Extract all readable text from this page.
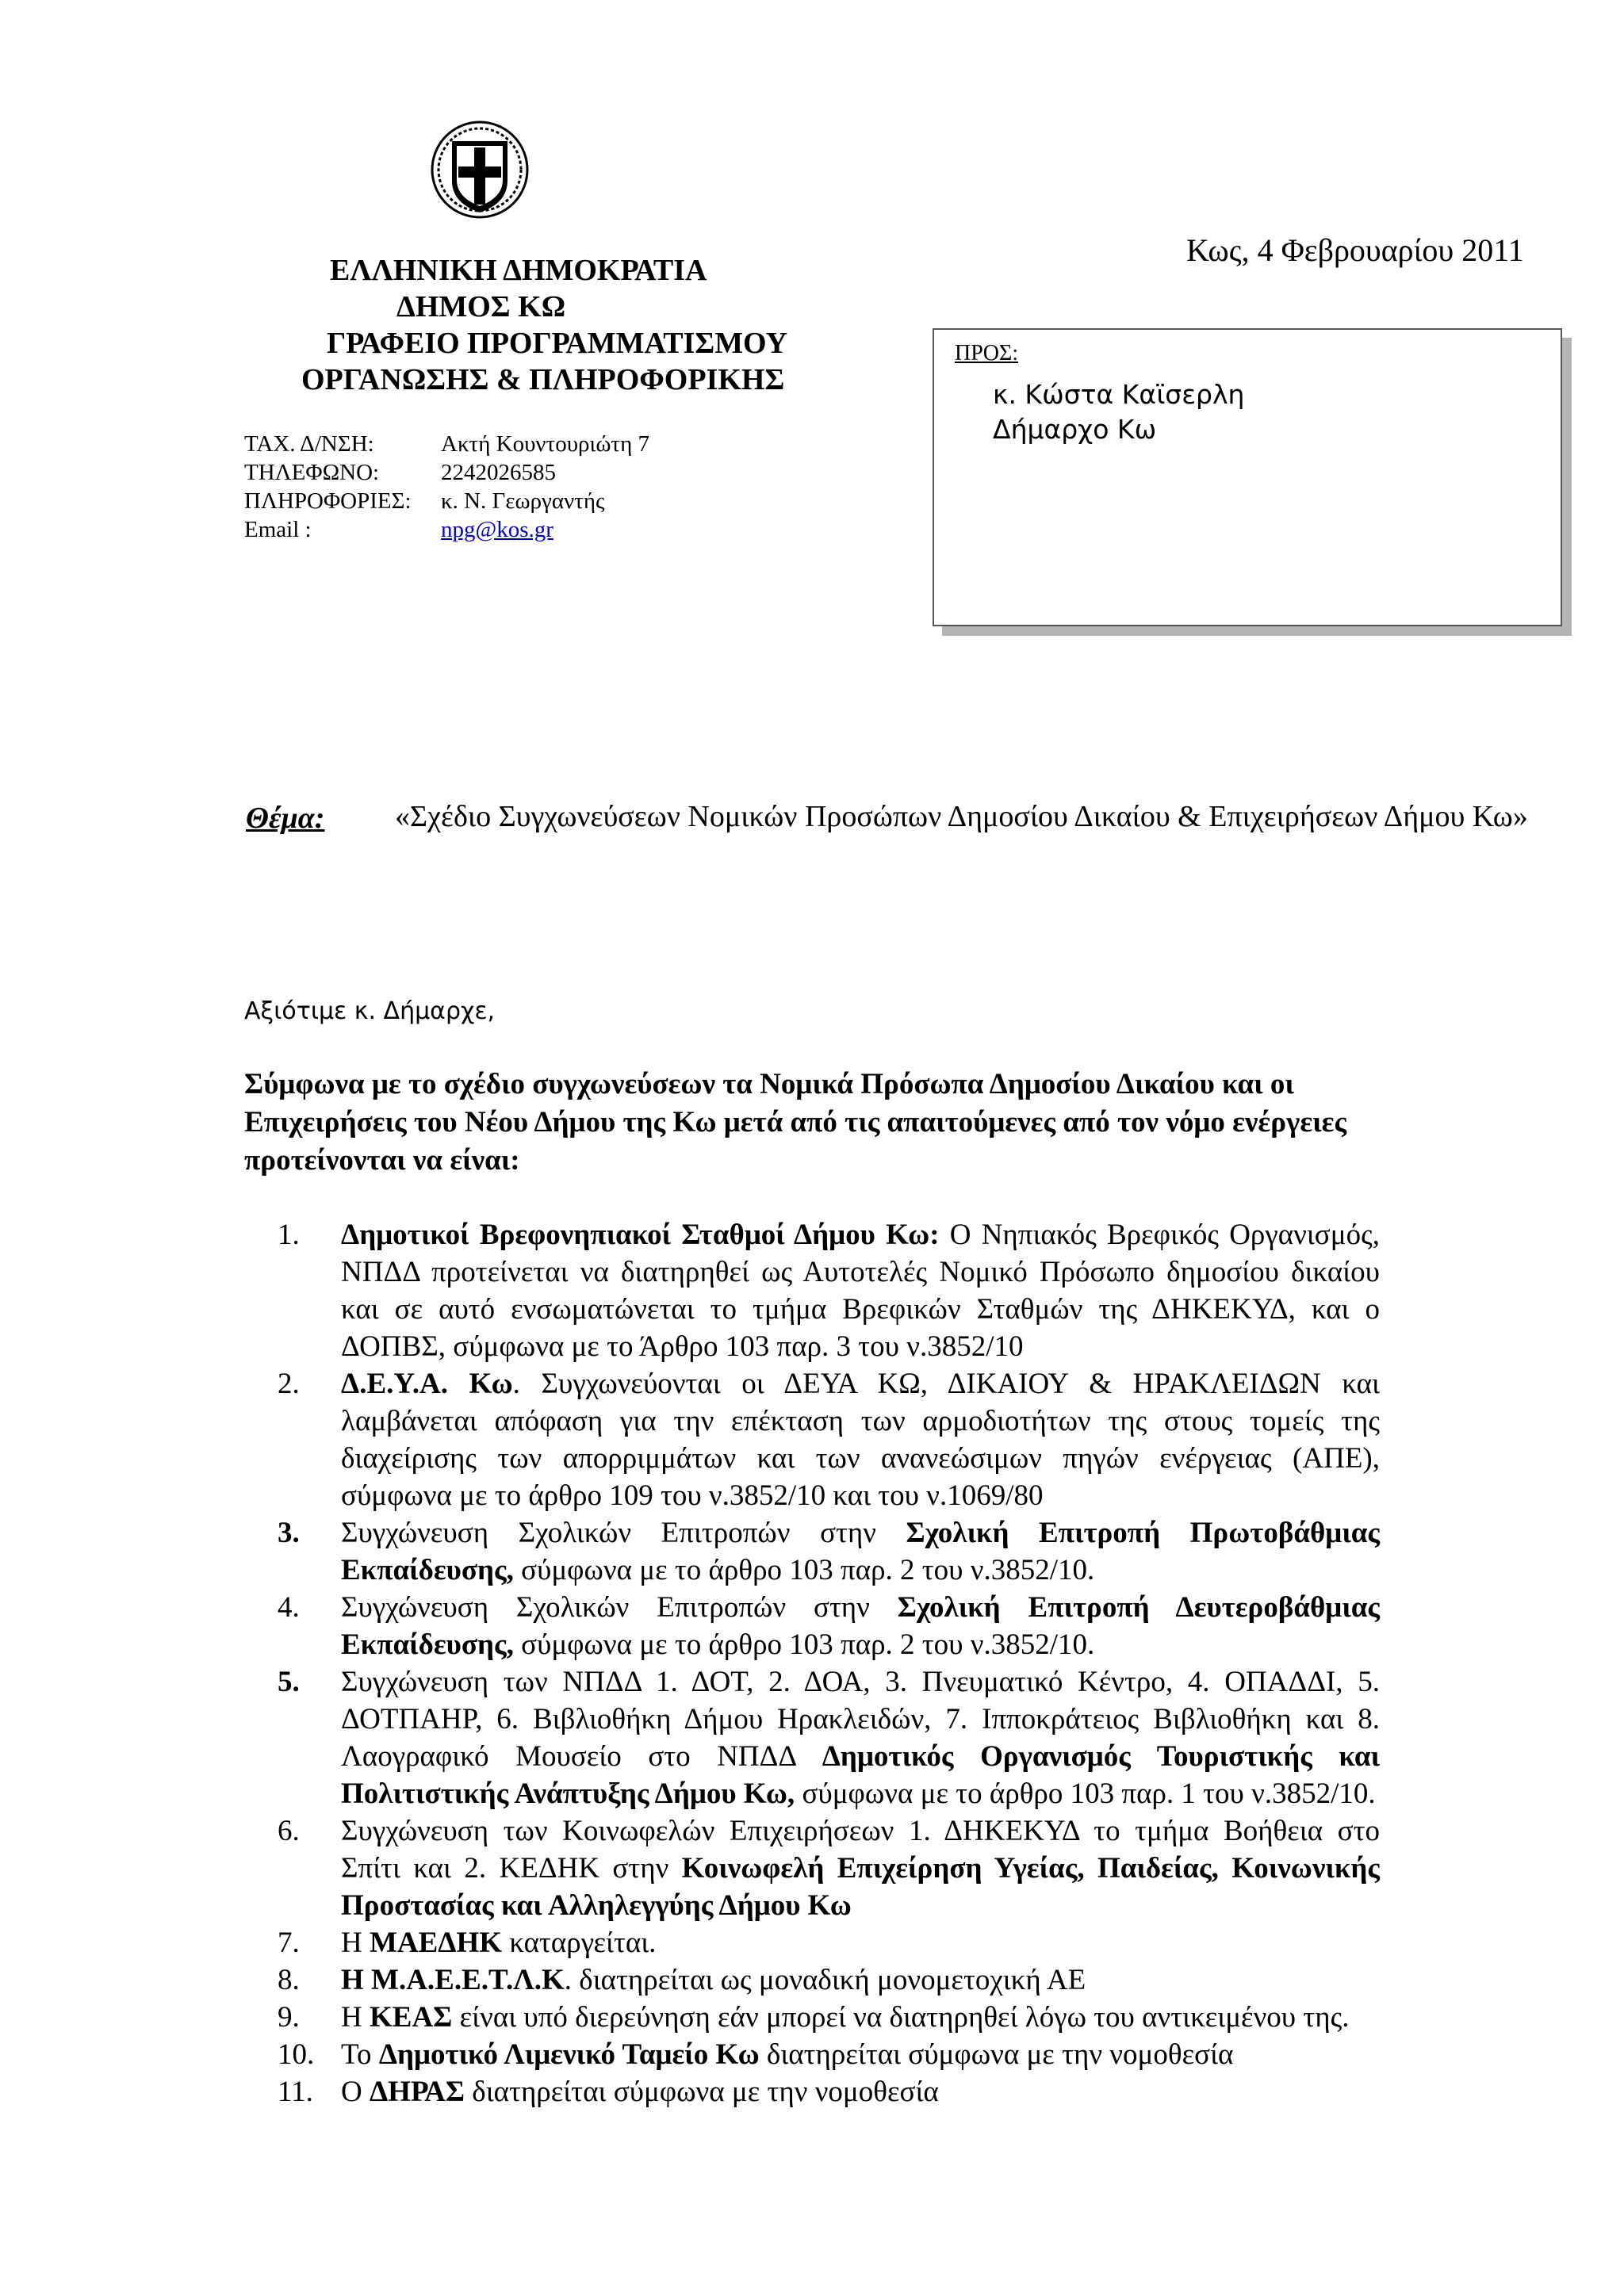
ΕΛΛΗΝΙΚΗ ΔΗΜΟΚΡΑΤΙΑ
ΔΗΜΟΣ ΚΩ
ΓΡΑΦΕΙΟ ΠΡΟΓΡΑΜΜΑΤΙΣΜΟΥ
ΟΡΓΑΝΩΣΗΣ & ΠΛΗΡΟΦΟΡΙΚΗΣ
Κως, 4 Φεβρουαρίου 2011
ΤΑΧ. Δ/ΝΣΗ:	Ακτή Κουντουριώτη 7
ΤΗΛΕΦΩΝΟ:	2242026585
ΠΛΗΡΟΦΟΡΙΕΣ:	κ. Ν. Γεωργαντής
Email :	npg@kos.gr
ΠΡΟΣ:
κ. Κώστα Καϊσερλη
Δήμαρχο Κω
Θέμα: «Σχέδιο Συγχωνεύσεων Νομικών Προσώπων Δημοσίου Δικαίου & Επιχειρήσεων Δήμου Κω»
Αξιότιμε κ. Δήμαρχε,
Σύμφωνα με το σχέδιο συγχωνεύσεων τα Νομικά Πρόσωπα Δημοσίου Δικαίου και οι Επιχειρήσεις του Νέου Δήμου της Κω μετά από τις απαιτούμενες από τον νόμο ενέργειες προτείνονται να είναι:
1.	Δημοτικοί Βρεφονηπιακοί Σταθμοί Δήμου Κω: Ο Νηπιακός Βρεφικός Οργανισμός, ΝΠΔΔ προτείνεται να διατηρηθεί ως Αυτοτελές Νομικό Πρόσωπο δημοσίου δικαίου και σε αυτό ενσωματώνεται το τμήμα Βρεφικών Σταθμών της ΔΗΚΕΚΥΔ, και ο ΔΟΠΒΣ, σύμφωνα με το Άρθρο 103 παρ. 3 του ν.3852/10
2.	Δ.Ε.Υ.Α. Κω. Συγχωνεύονται οι ΔΕΥΑ ΚΩ, ΔΙΚΑΙΟΥ & ΗΡΑΚΛΕΙΔΩΝ και λαμβάνεται απόφαση για την επέκταση των αρμοδιοτήτων της στους τομείς της διαχείρισης των απορριμμάτων και των ανανεώσιμων πηγών ενέργειας (ΑΠΕ), σύμφωνα με το άρθρο 109 του ν.3852/10 και του ν.1069/80
3.	Συγχώνευση Σχολικών Επιτροπών στην Σχολική Επιτροπή Πρωτοβάθμιας Εκπαίδευσης, σύμφωνα με το άρθρο 103 παρ. 2 του ν.3852/10.
4.	Συγχώνευση Σχολικών Επιτροπών στην Σχολική Επιτροπή Δευτεροβάθμιας Εκπαίδευσης, σύμφωνα με το άρθρο 103 παρ. 2 του ν.3852/10.
5.	Συγχώνευση των ΝΠΔΔ 1. ΔΟΤ, 2. ΔΟΑ, 3. Πνευματικό Κέντρο, 4. ΟΠΑΔΔΙ, 5. ΔΟΤΠΑΗΡ, 6. Βιβλιοθήκη Δήμου Ηρακλειδών, 7. Ιπποκράτειος Βιβλιοθήκη και 8. Λαογραφικό Μουσείο στο ΝΠΔΔ Δημοτικός Οργανισμός Τουριστικής και Πολιτιστικής Ανάπτυξης Δήμου Κω, σύμφωνα με το άρθρο 103 παρ. 1 του ν.3852/10.
6.	Συγχώνευση των Κοινωφελών Επιχειρήσεων 1. ΔΗΚΕΚΥΔ το τμήμα Βοήθεια στο Σπίτι και 2. ΚΕΔΗΚ στην Κοινωφελή Επιχείρηση Υγείας, Παιδείας, Κοινωνικής Προστασίας και Αλληλεγγύης Δήμου Κω
7.	Η ΜΑΕΔΗΚ καταργείται.
8.	Η Μ.Α.Ε.Ε.Τ.Λ.Κ. διατηρείται ως μοναδική μονομετοχική ΑΕ
9.	Η ΚΕΑΣ είναι υπό διερεύνηση εάν μπορεί να διατηρηθεί λόγω του αντικειμένου της.
10. Το Δημοτικό Λιμενικό Ταμείο Κω διατηρείται σύμφωνα με την νομοθεσία
11. Ο ΔΗΡΑΣ διατηρείται σύμφωνα με την νομοθεσία
